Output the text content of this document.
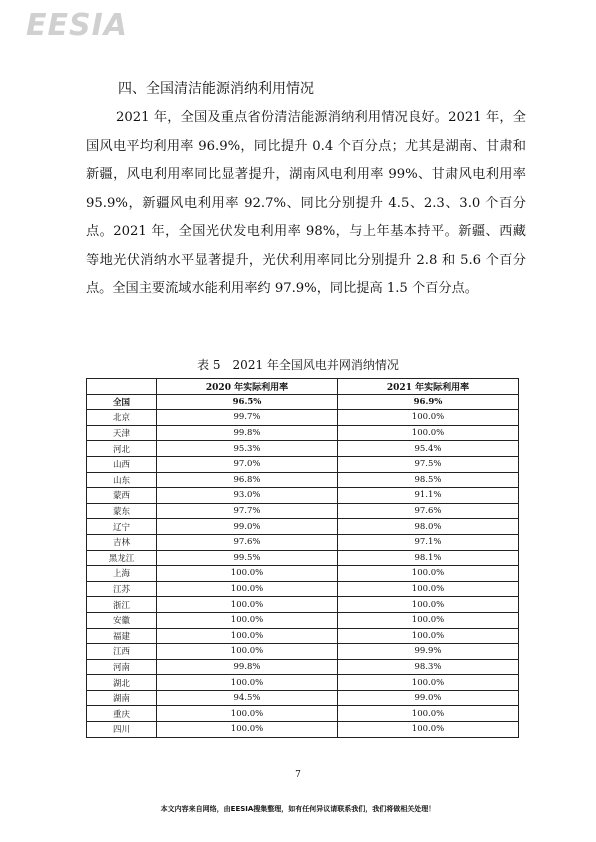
EESIA
四、全国清洁能源消纳利用情况

2021 年，全国及重点省份清洁能源消纳利用情况良好。2021 年，全国风电平均利用率 96.9%，同比提升 0.4 个百分点；尤其是湖南、甘肃和新疆，风电利用率同比显著提升，湖南风电利用率 99%、甘肃风电利用率 95.9%，新疆风电利用率 92.7%、同比分别提升 4.5、2.3、3.0 个百分点。2021 年，全国光伏发电利用率 98%，与上年基本持平。新疆、西藏等地光伏消纳水平显著提升，光伏利用率同比分别提升 2.8 和 5.6 个百分点。全国主要流域水能利用率约 97.9%，同比提高 1.5 个百分点。

表 5　2021 年全国风电并网消纳情况
	2020 年实际利用率	2021 年实际利用率
全国	96.5%	96.9%
北京	99.7%	100.0%
天津	99.8%	100.0%
河北	95.3%	95.4%
山西	97.0%	97.5%
山东	96.8%	98.5%
蒙西	93.0%	91.1%
蒙东	97.7%	97.6%
辽宁	99.0%	98.0%
吉林	97.6%	97.1%
黑龙江	99.5%	98.1%
上海	100.0%	100.0%
江苏	100.0%	100.0%
浙江	100.0%	100.0%
安徽	100.0%	100.0%
福建	100.0%	100.0%
江西	100.0%	99.9%
河南	99.8%	98.3%
湖北	100.0%	100.0%
湖南	94.5%	99.0%
重庆	100.0%	100.0%
四川	100.0%	100.0%
7
本文内容来自网络，由EESIA搜集整理，如有任何异议请联系我们，我们将做相关处理！
